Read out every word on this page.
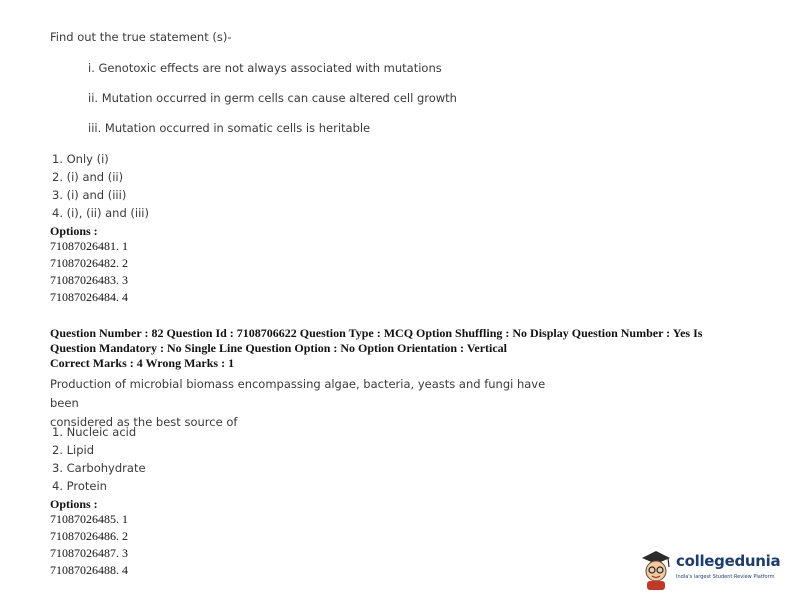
Find out the true statement (s)-
i. Genotoxic effects are not always associated with mutations
ii. Mutation occurred in germ cells can cause altered cell growth
iii. Mutation occurred in somatic cells is heritable
1. Only (i)
2. (i) and (ii)
3. (i) and (iii)
4. (i), (ii) and (iii)
Options :
71087026481. 1
71087026482. 2
71087026483. 3
71087026484. 4
Question Number : 82 Question Id : 7108706622 Question Type : MCQ Option Shuffling : No Display Question Number : Yes Is
Question Mandatory : No Single Line Question Option : No Option Orientation : Vertical
Correct Marks : 4 Wrong Marks : 1
Production of microbial biomass encompassing algae, bacteria, yeasts and fungi have been
considered as the best source of
1. Nucleic acid
2. Lipid
3. Carbohydrate
4. Protein
Options :
71087026485. 1
71087026486. 2
71087026487. 3
71087026488. 4	collegedunia
India's largest Student Review Platform
